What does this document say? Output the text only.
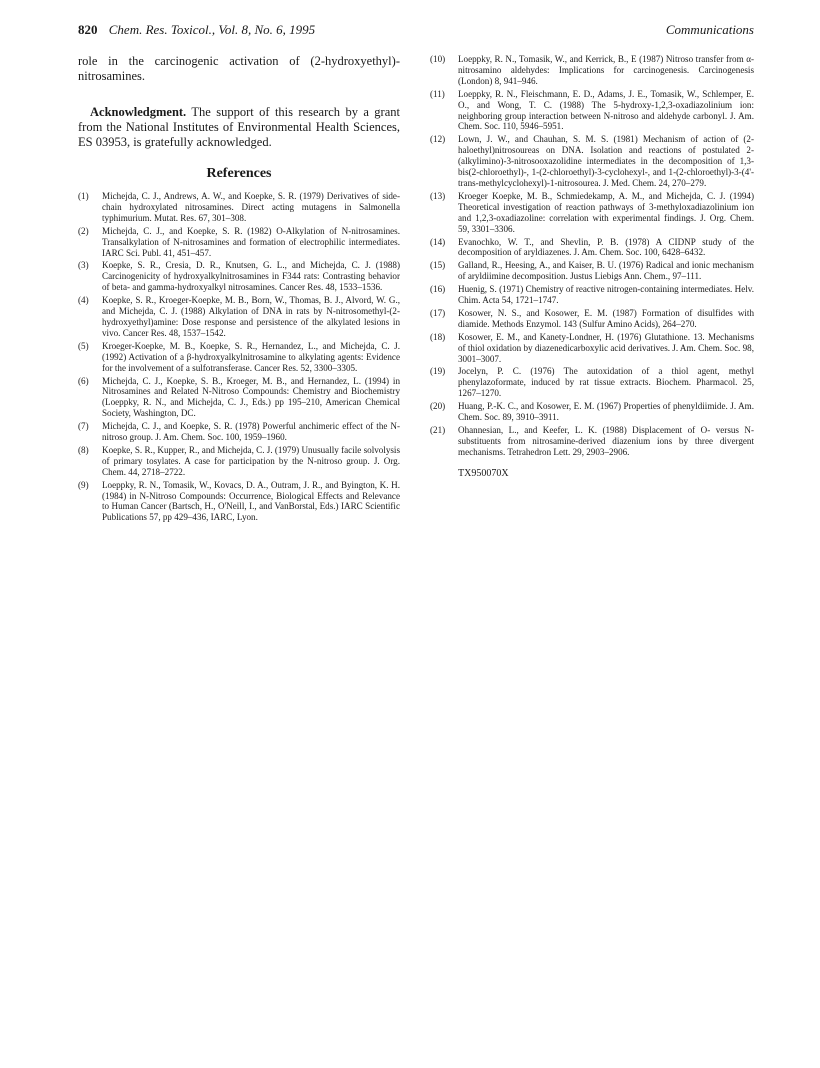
820 Chem. Res. Toxicol., Vol. 8, No. 6, 1995	Communications

role in the carcinogenic activation of (2-hydroxyethyl)-nitrosamines.

Acknowledgment. The support of this research by a grant from the National Institutes of Environmental Health Sciences, ES 03953, is gratefully acknowledged.

References
(1) Michejda, C. J., Andrews, A. W., and Koepke, S. R. (1979) Derivatives of side-chain hydroxylated nitrosamines. Direct acting mutagens in Salmonella typhimurium. Mutat. Res. 67, 301–308.
(2) Michejda, C. J., and Koepke, S. R. (1982) O-Alkylation of N-nitrosamines. Transalkylation of N-nitrosamines and formation of electrophilic intermediates. IARC Sci. Publ. 41, 451–457.
(3) Koepke, S. R., Cresia, D. R., Knutsen, G. L., and Michejda, C. J. (1988) Carcinogenicity of hydroxyalkylnitrosamines in F344 rats: Contrasting behavior of beta- and gamma-hydroxyalkyl nitrosamines. Cancer Res. 48, 1533–1536.
(4) Koepke, S. R., Kroeger-Koepke, M. B., Born, W., Thomas, B. J., Alvord, W. G., and Michejda, C. J. (1988) Alkylation of DNA in rats by N-nitrosomethyl-(2-hydroxyethyl)amine: Dose response and persistence of the alkylated lesions in vivo. Cancer Res. 48, 1537–1542.
(5) Kroeger-Koepke, M. B., Koepke, S. R., Hernandez, L., and Michejda, C. J. (1992) Activation of a β-hydroxyalkylnitrosamine to alkylating agents: Evidence for the involvement of a sulfotransferase. Cancer Res. 52, 3300–3305.
(6) Michejda, C. J., Koepke, S. B., Kroeger, M. B., and Hernandez, L. (1994) in Nitrosamines and Related N-Nitroso Compounds: Chemistry and Biochemistry (Loeppky, R. N., and Michejda, C. J., Eds.) pp 195–210, American Chemical Society, Washington, DC.
(7) Michejda, C. J., and Koepke, S. R. (1978) Powerful anchimeric effect of the N-nitroso group. J. Am. Chem. Soc. 100, 1959–1960.
(8) Koepke, S. R., Kupper, R., and Michejda, C. J. (1979) Unusually facile solvolysis of primary tosylates. A case for participation by the N-nitroso group. J. Org. Chem. 44, 2718–2722.
(9) Loeppky, R. N., Tomasik, W., Kovacs, D. A., Outram, J. R., and Byington, K. H. (1984) in N-Nitroso Compounds: Occurrence, Biological Effects and Relevance to Human Cancer (Bartsch, H., O'Neill, I., and VanBorstal, Eds.) IARC Scientific Publications 57, pp 429–436, IARC, Lyon.
(10) Loeppky, R. N., Tomasik, W., and Kerrick, B., E (1987) Nitroso transfer from α-nitrosamino aldehydes: Implications for carcinogenesis. Carcinogenesis (London) 8, 941–946.
(11) Loeppky, R. N., Fleischmann, E. D., Adams, J. E., Tomasik, W., Schlemper, E. O., and Wong, T. C. (1988) The 5-hydroxy-1,2,3-oxadiazolinium ion: neighboring group interaction between N-nitroso and aldehyde carbonyl. J. Am. Chem. Soc. 110, 5946–5951.
(12) Lown, J. W., and Chauhan, S. M. S. (1981) Mechanism of action of (2-haloethyl)nitrosoureas on DNA. Isolation and reactions of postulated 2-(alkylimino)-3-nitrosooxazolidine intermediates in the decomposition of 1,3-bis(2-chloroethyl)-, 1-(2-chloroethyl)-3-cyclohexyl-, and 1-(2-chloroethyl)-3-(4'-trans-methylcyclohexyl)-1-nitrosourea. J. Med. Chem. 24, 270–279.
(13) Kroeger Koepke, M. B., Schmiedekamp, A. M., and Michejda, C. J. (1994) Theoretical investigation of reaction pathways of 3-methyloxadiazolinium ion and 1,2,3-oxadiazoline: correlation with experimental findings. J. Org. Chem. 59, 3301–3306.
(14) Evanochko, W. T., and Shevlin, P. B. (1978) A CIDNP study of the decomposition of aryldiazenes. J. Am. Chem. Soc. 100, 6428–6432.
(15) Galland, R., Heesing, A., and Kaiser, B. U. (1976) Radical and ionic mechanism of aryldiimine decomposition. Justus Liebigs Ann. Chem., 97–111.
(16) Huenig, S. (1971) Chemistry of reactive nitrogen-containing intermediates. Helv. Chim. Acta 54, 1721–1747.
(17) Kosower, N. S., and Kosower, E. M. (1987) Formation of disulfides with diamide. Methods Enzymol. 143 (Sulfur Amino Acids), 264–270.
(18) Kosower, E. M., and Kanety-Londner, H. (1976) Glutathione. 13. Mechanisms of thiol oxidation by diazenedicarboxylic acid derivatives. J. Am. Chem. Soc. 98, 3001–3007.
(19) Jocelyn, P. C. (1976) The autoxidation of a thiol agent, methyl phenylazoformate, induced by rat tissue extracts. Biochem. Pharmacol. 25, 1267–1270.
(20) Huang, P.-K. C., and Kosower, E. M. (1967) Properties of phenyldiimide. J. Am. Chem. Soc. 89, 3910–3911.
(21) Ohannesian, L., and Keefer, L. K. (1988) Displacement of O- versus N-substituents from nitrosamine-derived diazenium ions by three divergent mechanisms. Tetrahedron Lett. 29, 2903–2906.
TX950070X
